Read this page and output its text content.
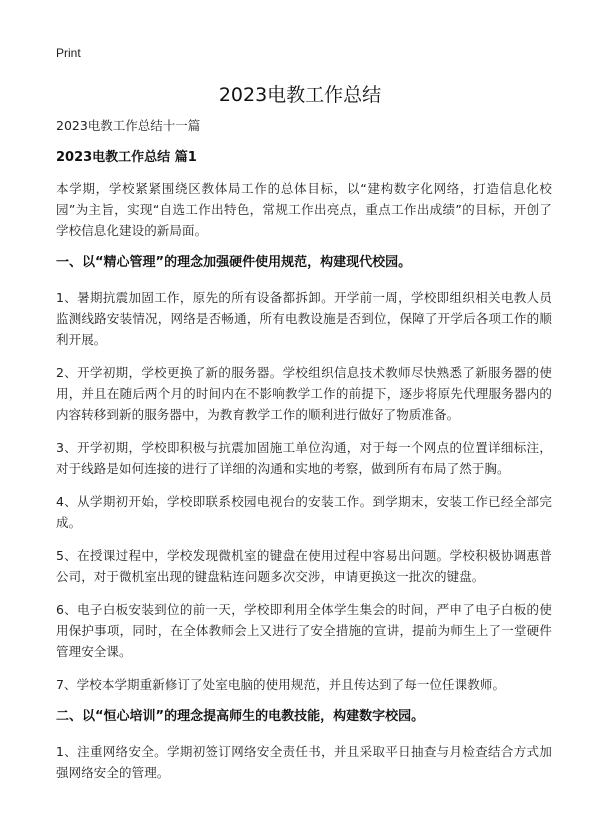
Print
2023电教工作总结

2023电教工作总结十一篇

2023电教工作总结 篇1

本学期，学校紧紧围绕区教体局工作的总体目标，以“建构数字化网络，打造信息化校园”为主旨，实现“自选工作出特色，常规工作出亮点，重点工作出成绩”的目标，开创了学校信息化建设的新局面。

一、以“精心管理”的理念加强硬件使用规范，构建现代校园。

1、暑期抗震加固工作，原先的所有设备都拆卸。开学前一周，学校即组织相关电教人员监测线路安装情况，网络是否畅通，所有电教设施是否到位，保障了开学后各项工作的顺利开展。

2、开学初期，学校更换了新的服务器。学校组织信息技术教师尽快熟悉了新服务器的使用，并且在随后两个月的时间内在不影响教学工作的前提下，逐步将原先代理服务器内的内容转移到新的服务器中，为教育教学工作的顺利进行做好了物质准备。

3、开学初期，学校即积极与抗震加固施工单位沟通，对于每一个网点的位置详细标注，对于线路是如何连接的进行了详细的沟通和实地的考察，做到所有布局了然于胸。

4、从学期初开始，学校即联系校园电视台的安装工作。到学期末，安装工作已经全部完成。

5、在授课过程中，学校发现微机室的键盘在使用过程中容易出问题。学校积极协调惠普公司，对于微机室出现的键盘粘连问题多次交涉，申请更换这一批次的键盘。

6、电子白板安装到位的前一天，学校即利用全体学生集会的时间，严申了电子白板的使用保护事项，同时，在全体教师会上又进行了安全措施的宣讲，提前为师生上了一堂硬件管理安全课。

7、学校本学期重新修订了处室电脑的使用规范，并且传达到了每一位任课教师。

二、以“恒心培训”的理念提高师生的电教技能，构建数字校园。

1、注重网络安全。学期初签订网络安全责任书，并且采取平日抽查与月检查结合方式加强网络安全的管理。
